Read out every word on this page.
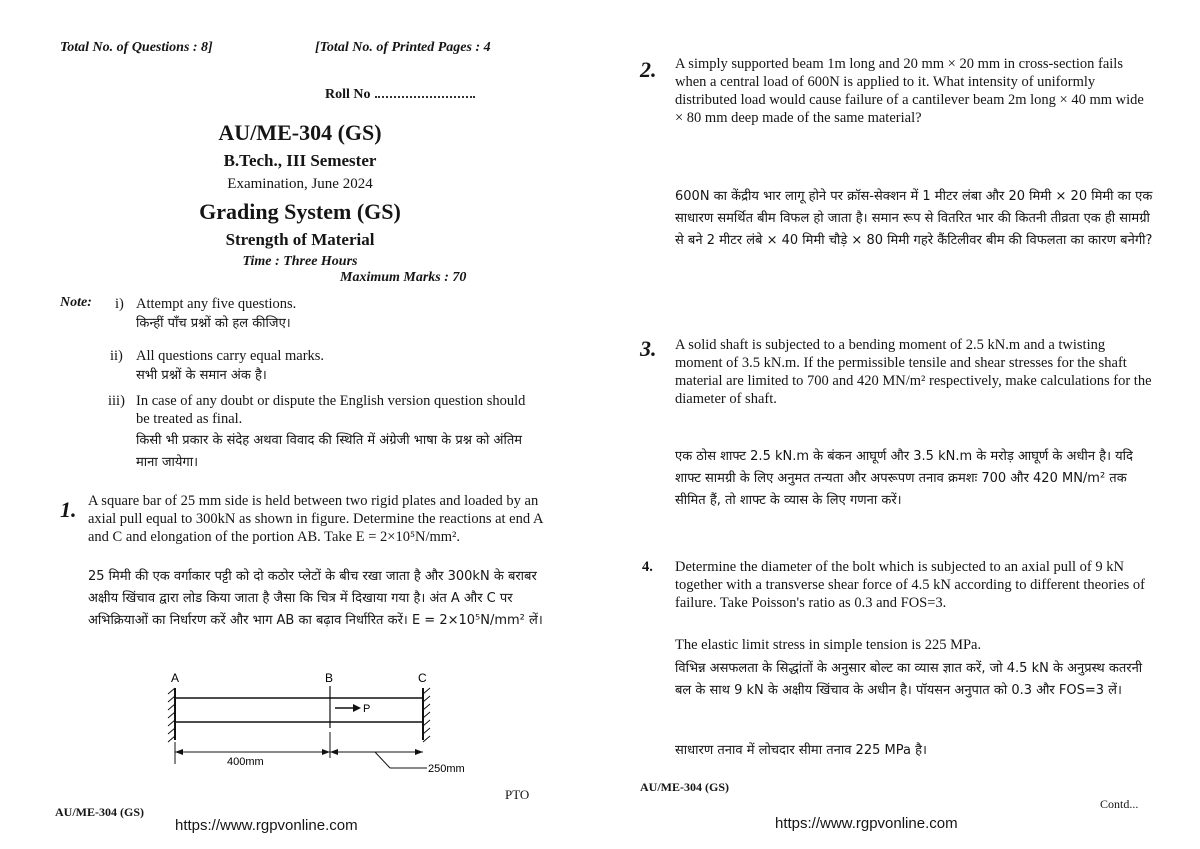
Total No. of Questions : 8]	[Total No. of Printed Pages : 4
Roll No
AU/ME-304 (GS)
B.Tech., III Semester
Examination, June 2024
Grading System (GS)
Strength of Material
Time : Three Hours
Maximum Marks : 70
Note: i) Attempt any five questions.
किन्हीं पाँच प्रश्नों को हल कीजिए।
ii) All questions carry equal marks.
सभी प्रश्नों के समान अंक है।
iii) In case of any doubt or dispute the English version question should be treated as final.
किसी भी प्रकार के संदेह अथवा विवाद की स्थिति में अंग्रेजी भाषा के प्रश्न को अंतिम माना जायेगा।
1. A square bar of 25 mm side is held between two rigid plates and loaded by an axial pull equal to 300kN as shown in figure. Determine the reactions at end A and C and elongation of the portion AB. Take E = 2×10⁵N/mm².
25 मिमी की एक वर्गाकार पट्टी को दो कठोर प्लेटों के बीच रखा जाता है और 300kN के बराबर अक्षीय खिंचाव द्वारा लोड किया जाता है जैसा कि चित्र में दिखाया गया है। अंत A और C पर अभिक्रियाओं का निर्धारण करें और भाग AB का बढ़ाव निर्धारित करें। E = 2×10⁵N/mm² लें।
A	B	C
P
400mm
250mm
PTO
AU/ME-304 (GS)
https://www.rgpvonline.com
2. A simply supported beam 1m long and 20 mm × 20 mm in cross-section fails when a central load of 600N is applied to it. What intensity of uniformly distributed load would cause failure of a cantilever beam 2m long × 40 mm wide × 80 mm deep made of the same material?
600N का केंद्रीय भार लागू होने पर क्रॉस-सेक्शन में 1 मीटर लंबा और 20 मिमी × 20 मिमी का एक साधारण समर्थित बीम विफल हो जाता है। समान रूप से वितरित भार की कितनी तीव्रता एक ही सामग्री से बने 2 मीटर लंबे × 40 मिमी चौड़े × 80 मिमी गहरे कैंटिलीवर बीम की विफलता का कारण बनेगी?
3. A solid shaft is subjected to a bending moment of 2.5 kN.m and a twisting moment of 3.5 kN.m. If the permissible tensile and shear stresses for the shaft material are limited to 700 and 420 MN/m² respectively, make calculations for the diameter of shaft.
एक ठोस शाफ्ट 2.5 kN.m के बंकन आघूर्ण और 3.5 kN.m के मरोड़ आघूर्ण के अधीन है। यदि शाफ्ट सामग्री के लिए अनुमत तन्यता और अपरूपण तनाव क्रमशः 700 और 420 MN/m² तक सीमित हैं, तो शाफ्ट के व्यास के लिए गणना करें।
4. Determine the diameter of the bolt which is subjected to an axial pull of 9 kN together with a transverse shear force of 4.5 kN according to different theories of failure. Take Poisson's ratio as 0.3 and FOS=3.
The elastic limit stress in simple tension is 225 MPa.
विभिन्न असफलता के सिद्धांतों के अनुसार बोल्ट का व्यास ज्ञात करें, जो 4.5 kN के अनुप्रस्थ कतरनी बल के साथ 9 kN के अक्षीय खिंचाव के अधीन है। पॉयसन अनुपात को 0.3 और FOS=3 लें।
साधारण तनाव में लोचदार सीमा तनाव 225 MPa है।
AU/ME-304 (GS)
Contd...
https://www.rgpvonline.com
